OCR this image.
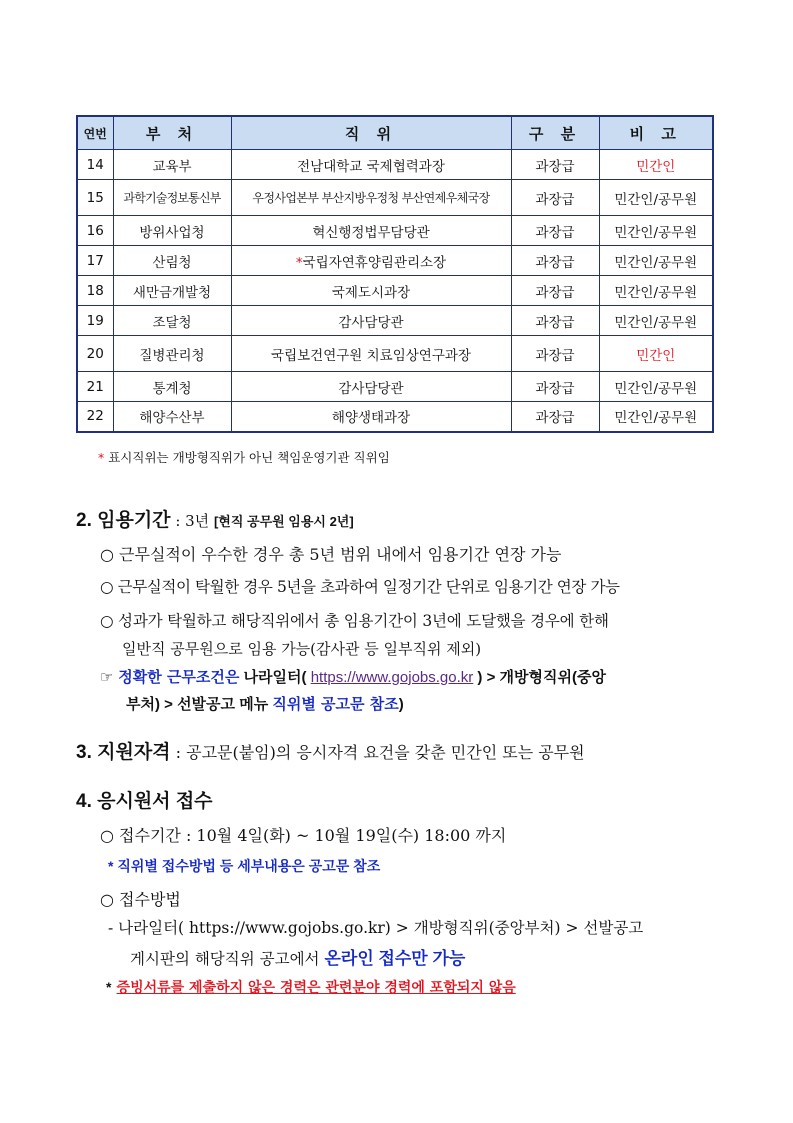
연번	부 처	직 위	구 분	비 고
14	교육부	전남대학교 국제협력과장	과장급	민간인
15	과학기술정보통신부	우정사업본부 부산지방우정청 부산연제우체국장	과장급	민간인/공무원
16	방위사업청	혁신행정법무담당관	과장급	민간인/공무원
17	산림청	*국립자연휴양림관리소장	과장급	민간인/공무원
18	새만금개발청	국제도시과장	과장급	민간인/공무원
19	조달청	감사담당관	과장급	민간인/공무원
20	질병관리청	국립보건연구원 치료임상연구과장	과장급	민간인
21	통계청	감사담당관	과장급	민간인/공무원
22	해양수산부	해양생태과장	과장급	민간인/공무원
* 표시직위는 개방형직위가 아닌 책임운영기관 직위임
2. 임용기간 : 3년 [현직 공무원 임용시 2년]
○ 근무실적이 우수한 경우 총 5년 범위 내에서 임용기간 연장 가능
○ 근무실적이 탁월한 경우 5년을 초과하여 일정기간 단위로 임용기간 연장 가능
○ 성과가 탁월하고 해당직위에서 총 임용기간이 3년에 도달했을 경우에 한해
일반직 공무원으로 임용 가능(감사관 등 일부직위 제외)
☞ 정확한 근무조건은 나라일터( https://www.gojobs.go.kr ) > 개방형직위(중앙
부처) > 선발공고 메뉴 직위별 공고문 참조)
3. 지원자격 : 공고문(붙임)의 응시자격 요건을 갖춘 민간인 또는 공무원
4. 응시원서 접수
○ 접수기간 : 10월 4일(화) ~ 10월 19일(수) 18:00 까지
* 직위별 접수방법 등 세부내용은 공고문 참조
○ 접수방법
- 나라일터( https://www.gojobs.go.kr) > 개방형직위(중앙부처) > 선발공고
게시판의 해당직위 공고에서 온라인 접수만 가능
* 증빙서류를 제출하지 않은 경력은 관련분야 경력에 포함되지 않음
